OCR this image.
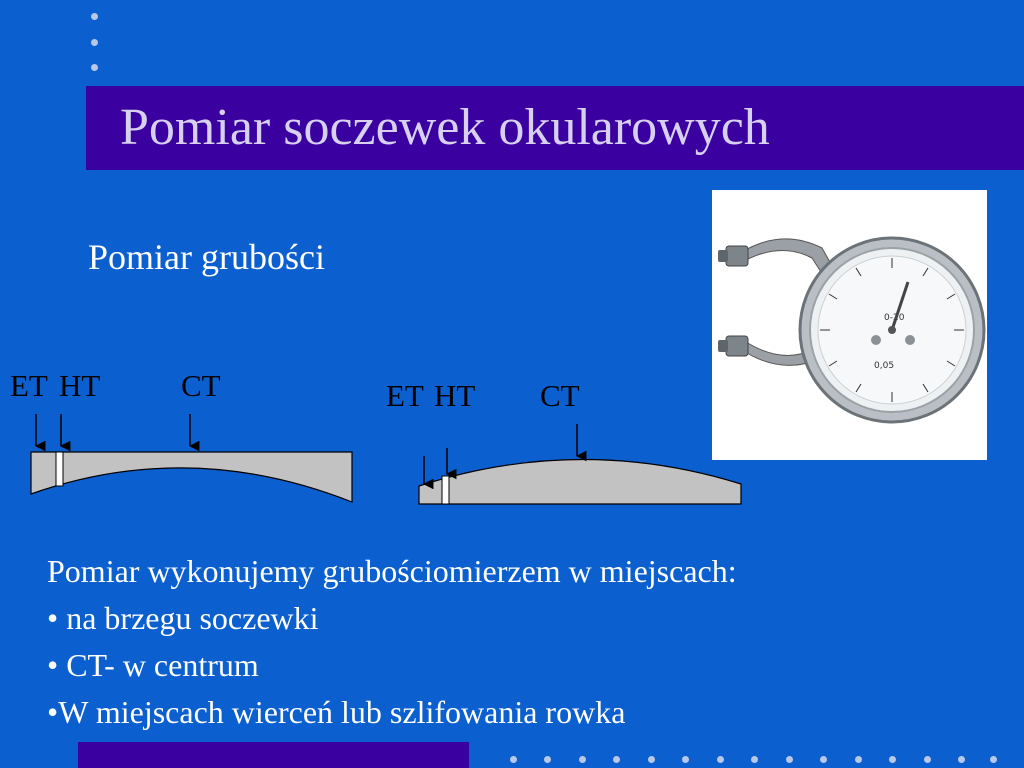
Pomiar soczewek okularowych
Pomiar grubości
ET HT	CT	ET HT CT
0-20
0,05
Pomiar wykonujemy grubościomierzem w miejscach:
• na brzegu soczewki
• CT- w centrum
•W miejscach wierceń lub szlifowania rowka
